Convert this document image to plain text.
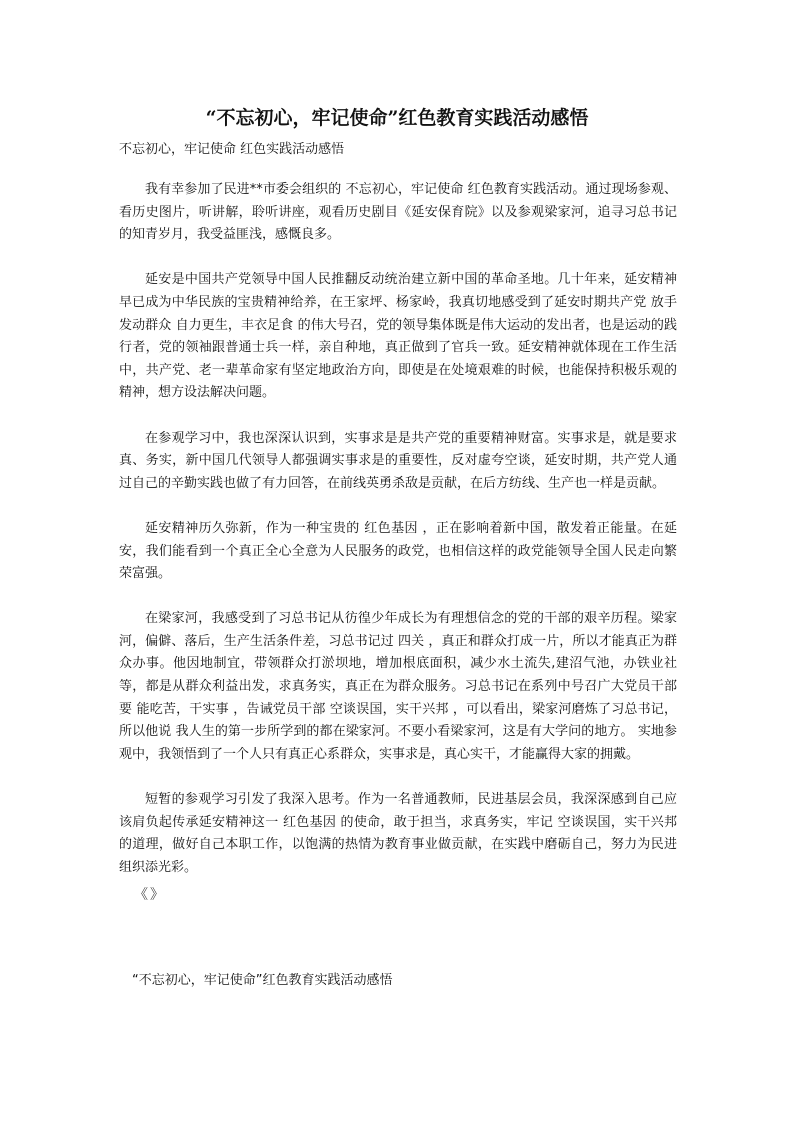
“不忘初心，牢记使命”红色教育实践活动感悟
不忘初心，牢记使命 红色实践活动感悟

我有幸参加了民进**市委会组织的 不忘初心，牢记使命 红色教育实践活动。通过现场参观、看历史图片，听讲解，聆听讲座，观看历史剧目《延安保育院》以及参观梁家河，追寻习总书记的知青岁月，我受益匪浅，感慨良多。

延安是中国共产党领导中国人民推翻反动统治建立新中国的革命圣地。几十年来，延安精神早已成为中华民族的宝贵精神给养，在王家坪、杨家岭，我真切地感受到了延安时期共产党 放手发动群众 自力更生，丰衣足食 的伟大号召，党的领导集体既是伟大运动的发出者，也是运动的践行者，党的领袖跟普通士兵一样，亲自种地，真正做到了官兵一致。延安精神就体现在工作生活中，共产党、老一辈革命家有坚定地政治方向，即使是在处境艰难的时候，也能保持积极乐观的精神，想方设法解决问题。

在参观学习中，我也深深认识到，实事求是是共产党的重要精神财富。实事求是，就是要求真、务实，新中国几代领导人都强调实事求是的重要性，反对虚夸空谈，延安时期，共产党人通过自己的辛勤实践也做了有力回答，在前线英勇杀敌是贡献，在后方纺线、生产也一样是贡献。

延安精神历久弥新，作为一种宝贵的 红色基因 ，正在影响着新中国，散发着正能量。在延安，我们能看到一个真正全心全意为人民服务的政党，也相信这样的政党能领导全国人民走向繁荣富强。

在梁家河，我感受到了习总书记从彷徨少年成长为有理想信念的党的干部的艰辛历程。梁家河，偏僻、落后，生产生活条件差，习总书记过 四关 ，真正和群众打成一片，所以才能真正为群众办事。他因地制宜，带领群众打淤坝地，增加根底面积，减少水土流失,建沼气池，办铁业社等，都是从群众利益出发，求真务实，真正在为群众服务。习总书记在系列中号召广大党员干部要 能吃苦，干实事 ，告诫党员干部 空谈误国，实干兴邦 ，可以看出，梁家河磨炼了习总书记，所以他说 我人生的第一步所学到的都在梁家河。不要小看梁家河，这是有大学问的地方。 实地参观中，我领悟到了一个人只有真正心系群众，实事求是，真心实干，才能赢得大家的拥戴。

短暂的参观学习引发了我深入思考。作为一名普通教师，民进基层会员，我深深感到自己应该肩负起传承延安精神这一 红色基因 的使命，敢于担当，求真务实，牢记 空谈误国，实干兴邦 的道理，做好自己本职工作，以饱满的热情为教育事业做贡献，在实践中磨砺自己，努力为民进组织添光彩。

《》
“不忘初心，牢记使命”红色教育实践活动感悟
